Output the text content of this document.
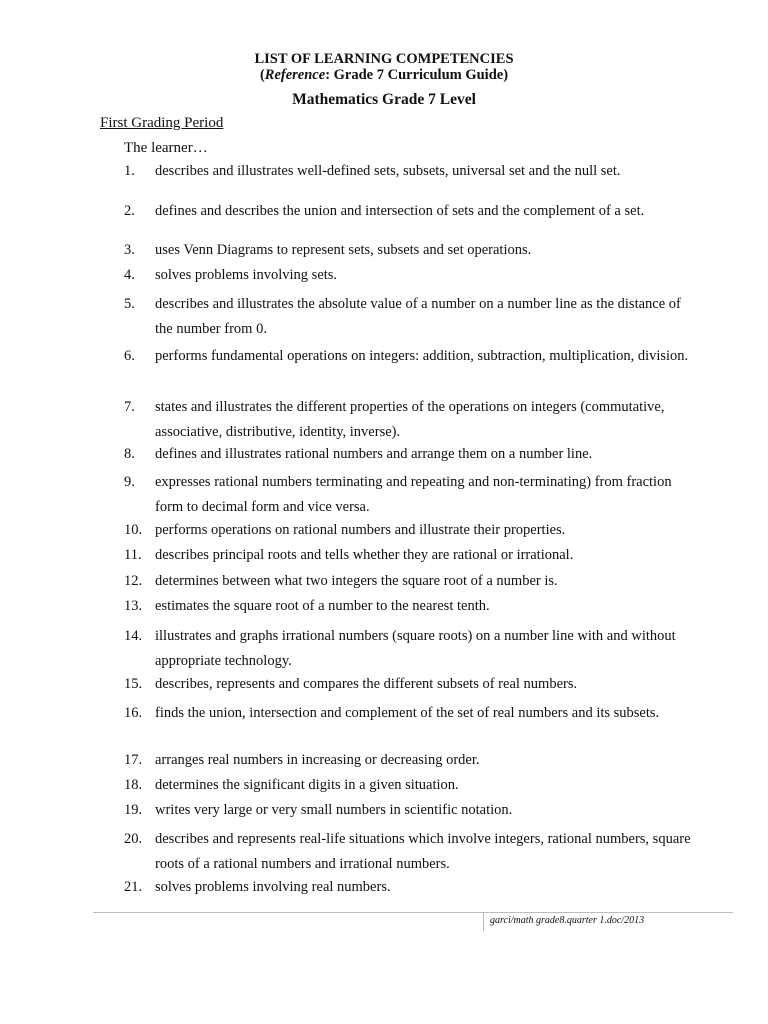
LIST OF LEARNING COMPETENCIES

(Reference: Grade 7 Curriculum Guide)

Mathematics Grade 7 Level

First Grading Period

The learner…

1. describes and illustrates well-defined sets, subsets, universal set and the null set.
2. defines and describes the union and intersection of sets and the complement of a set.
3. uses Venn Diagrams to represent sets, subsets and set operations.
4. solves problems involving sets.
5. describes and illustrates the absolute value of a number on a number line as the distance of the number from 0.
6. performs fundamental operations on integers: addition, subtraction, multiplication, division.
7. states and illustrates the different properties of the operations on integers (commutative, associative, distributive, identity, inverse).
8. defines and illustrates rational numbers and arrange them on a number line.
9. expresses rational numbers terminating and repeating and non-terminating) from fraction form to decimal form and vice versa.
10. performs operations on rational numbers and illustrate their properties.
11. describes principal roots and tells whether they are rational or irrational.
12. determines between what two integers the square root of a number is.
13. estimates the square root of a number to the nearest tenth.
14. illustrates and graphs irrational numbers (square roots) on a number line with and without appropriate technology.
15. describes, represents and compares the different subsets of real numbers.
16. finds the union, intersection and complement of the set of real numbers and its subsets.
17. arranges real numbers in increasing or decreasing order.
18. determines the significant digits in a given situation.
19. writes very large or very small numbers in scientific notation.
20. describes and represents real-life situations which involve integers, rational numbers, square roots of a rational numbers and irrational numbers.
21. solves problems involving real numbers.

garci/math grade8.quarter 1.doc/2013
